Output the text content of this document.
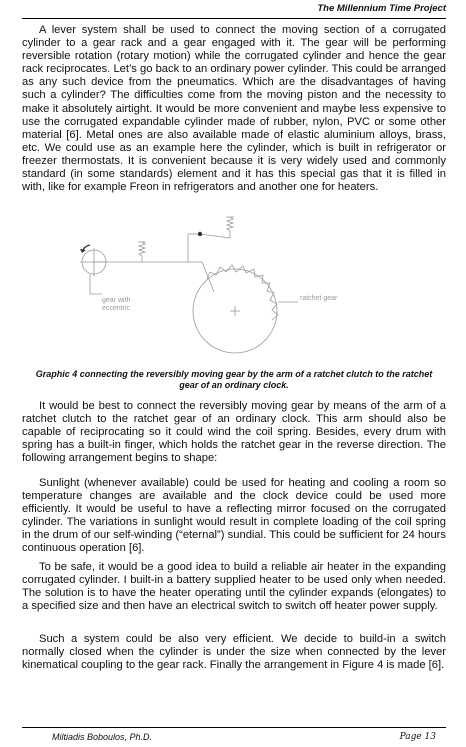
The Millennium Time Project

A lever system shall be used to connect the moving section of a corrugated cylinder to a gear rack and a gear engaged with it. The gear will be performing reversible rotation (rotary motion) while the corrugated cylinder and hence the gear rack reciprocates. Let’s go back to an ordinary power cylinder. This could be arranged as any such device from the pneumatics. Which are the disadvantages of having such a cylinder? The difficulties come from the moving piston and the necessity to make it absolutely airtight. It would be more convenient and maybe less expensive to use the corrugated expandable cylinder made of rubber, nylon, PVC or some other material [6]. Metal ones are also available made of elastic aluminium alloys, brass, etc. We could use as an example here the cylinder, which is built in refrigerator or freezer thermostats. It is convenient because it is very widely used and commonly standard (in some standards) element and it has this special gas that it is filled in with, like for example Freon in refrigerators and another one for heaters.

gear with
eccentric
ratchet gear

Graphic 4 connecting the reversibly moving gear by the arm of a ratchet clutch to the ratchet gear of an ordinary clock.

It would be best to connect the reversibly moving gear by means of the arm of a ratchet clutch to the ratchet gear of an ordinary clock. This arm should also be capable of reciprocating so it could wind the coil spring. Besides, every drum with spring has a built-in finger, which holds the ratchet gear in the reverse direction. The following arrangement begins to shape:

Sunlight (whenever available) could be used for heating and cooling a room so temperature changes are available and the clock device could be used more efficiently. It would be useful to have a reflecting mirror focused on the corrugated cylinder. The variations in sunlight would result in complete loading of the coil spring in the drum of our self-winding (“eternal”) sundial. This could be sufficient for 24 hours continuous operation [6].

To be safe, it would be a good idea to build a reliable air heater in the expanding corrugated cylinder. I built-in a battery supplied heater to be used only when needed. The solution is to have the heater operating until the cylinder expands (elongates) to a specified size and then have an electrical switch to switch off heater power supply.

Such a system could be also very efficient. We decide to build-in a switch normally closed when the cylinder is under the size when connected by the lever kinematical coupling to the gear rack. Finally the arrangement in Figure 4 is made [6].

Miltiadis Boboulos, Ph.D.	Page 13
